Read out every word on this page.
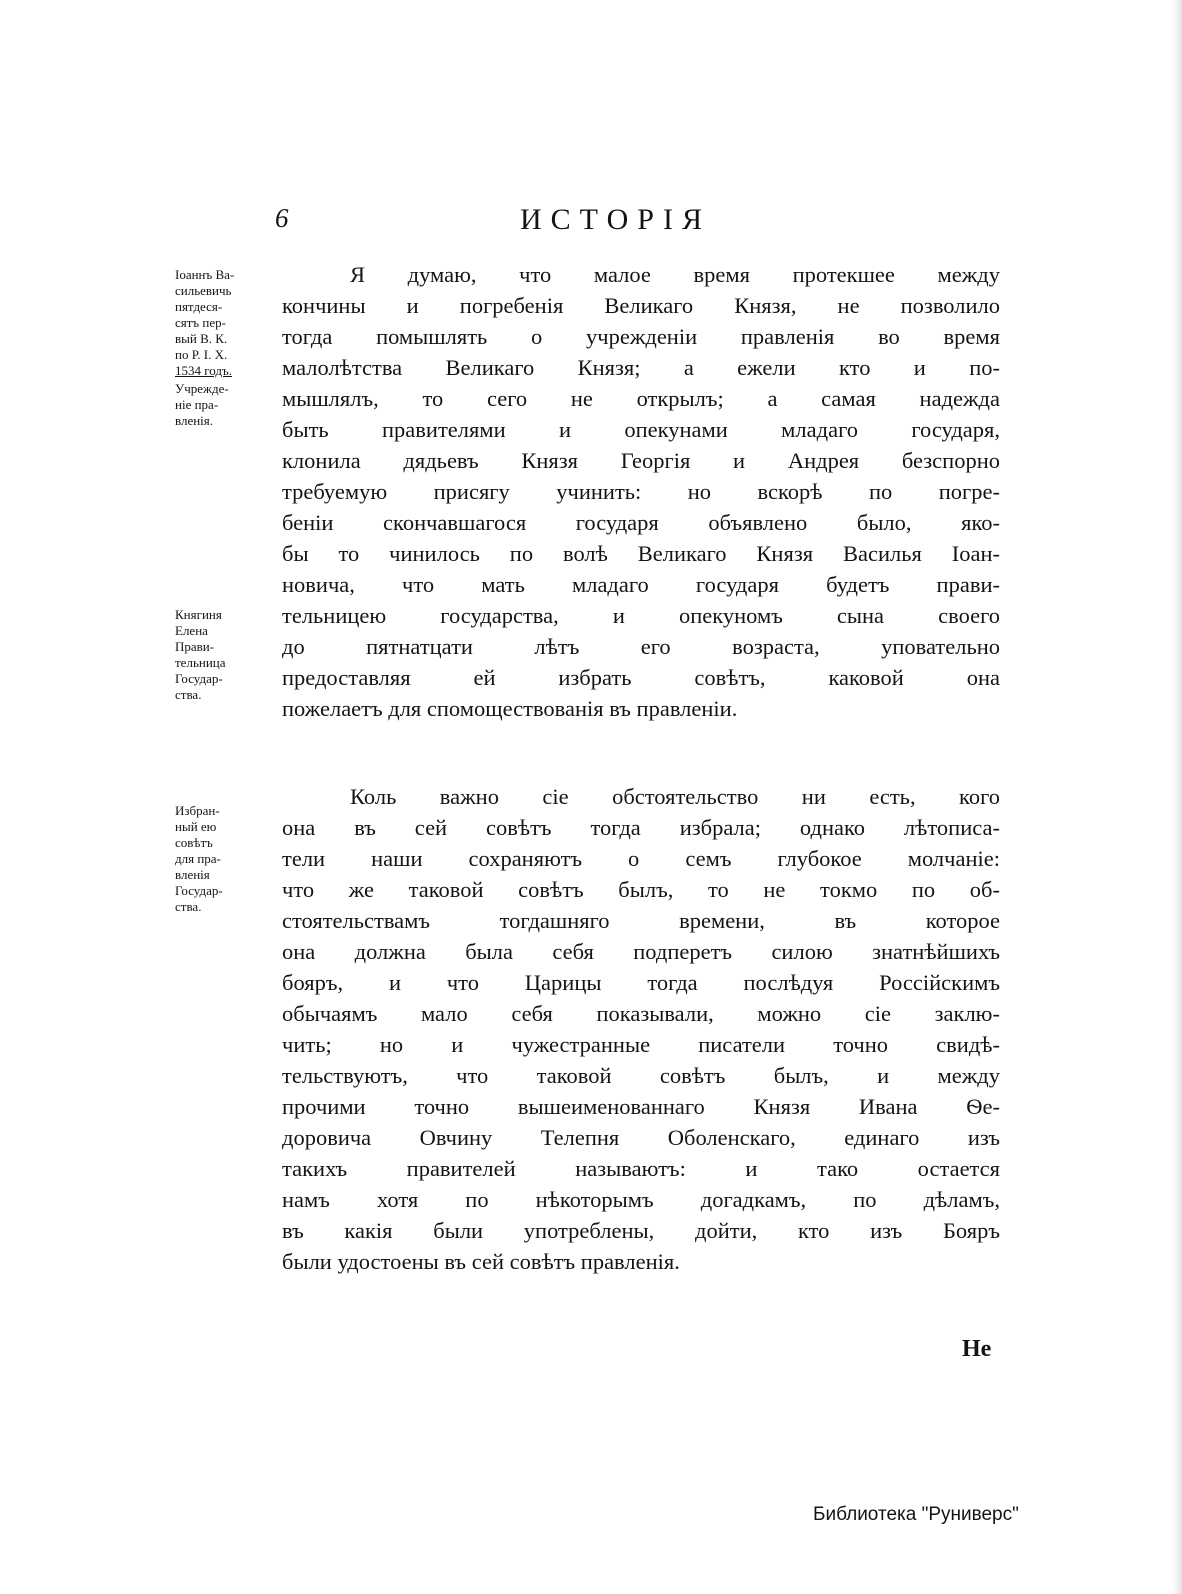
6	ИСТОРІЯ
Іоаннъ Ва-
сильевичь
пятдеся-
сятъ пер-
вый В. К.
по Р. І. Х.
1534 годъ.
Учрежде-
ніе пра-
вленія.
Княгиня
Елена
Прави-
тельница
Государ-
ства.
Избран-
ный ею
совѣтъ
для пра-
вленія
Государ-
ства.
Я думаю, что малое время протекшее между
кончины и погребенія Великаго Князя, не позволило
тогда помышлять о учрежденіи правленія во время
малолѣтства Великаго Князя; а ежели кто и по-
мышлялъ, то сего не открылъ; а самая надежда
быть правителями и опекунами младаго государя,
клонила дядьевъ Князя Георгія и Андрея безспорно
требуемую присягу учинить: но вскорѣ по погре-
беніи скончавшагося государя объявлено было, яко-
бы то чинилось по волѣ Великаго Князя Василья Іоан-
новича, что мать младаго государя будетъ прави-
тельницею государства, и опекуномъ сына своего
до пятнатцати лѣтъ его возраста, уповательно
предоставляя ей избрать совѣтъ, каковой она
пожелаетъ для спомоществованія въ правленіи.
Коль важно сіе обстоятельство ни есть, кого
она въ сей совѣтъ тогда избрала; однако лѣтописа-
тели наши сохраняютъ о семъ глубокое молчаніе:
что же таковой совѣтъ былъ, то не токмо по об-
стоятельствамъ тогдашняго времени, въ которое
она должна была себя подперетъ силою знатнѣйшихъ
бояръ, и что Царицы тогда послѣдуя Россійскимъ
обычаямъ мало себя показывали, можно сіе заклю-
чить; но и чужестранные писатели точно свидѣ-
тельствуютъ, что таковой совѣтъ былъ, и между
прочими точно вышеименованнаго Князя Ивана Ѳе-
доровича Овчину Телепня Оболенскаго, единаго изъ
такихъ правителей называютъ: и тако остается
намъ хотя по нѣкоторымъ догадкамъ, по дѣламъ,
въ какія были употреблены, дойти, кто изъ Бояръ
были удостоены въ сей совѣтъ правленія.
Не
Библиотека "Руниверс"
